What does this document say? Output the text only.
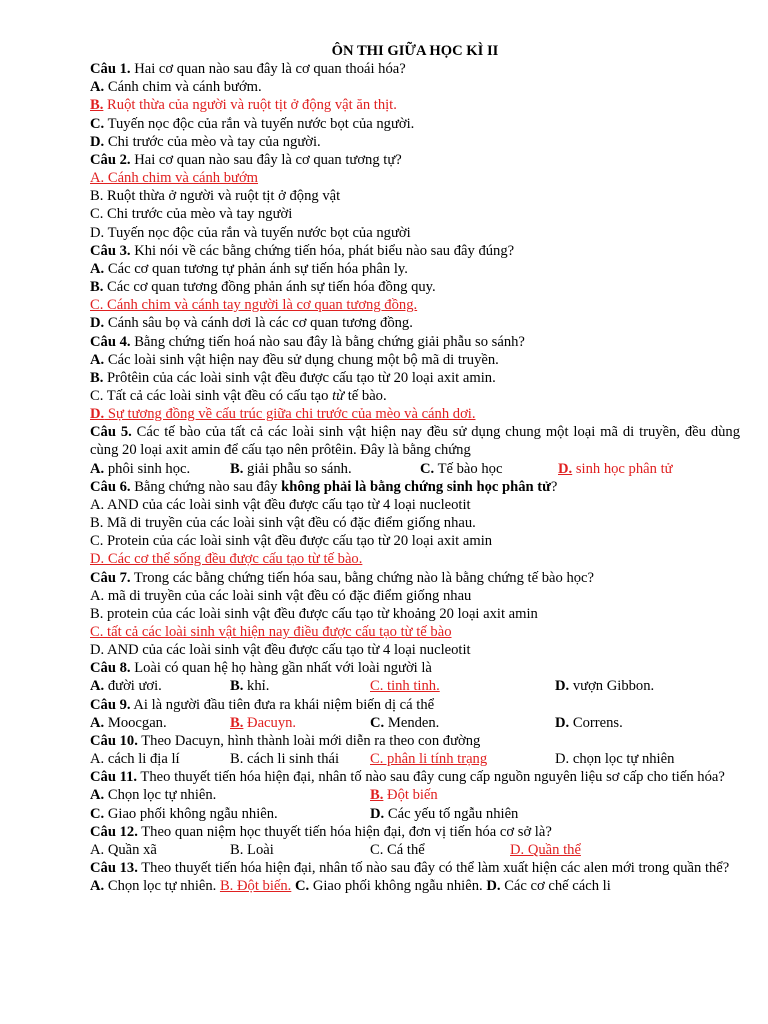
ÔN THI GIỮA HỌC KÌ II
Câu 1. Hai cơ quan nào sau đây là cơ quan thoái hóa?
A. Cánh chim và cánh bướm.
B. Ruột thừa của người và ruột tịt ở động vật ăn thịt.
C. Tuyến nọc độc của rắn và tuyến nước bọt của người.
D. Chi trước của mèo và tay của người.
Câu 2. Hai cơ quan nào sau đây là cơ quan tương tự?
A. Cánh chim và cánh bướm
B. Ruột thừa ở người và ruột tịt ở động vật
C. Chi trước của mèo và tay người
D. Tuyến nọc độc của rắn và tuyến nước bọt của người
Câu 3. Khi nói về các bằng chứng tiến hóa, phát biểu nào sau đây đúng?
A. Các cơ quan tương tự phản ánh sự tiến hóa phân ly.
B. Các cơ quan tương đồng phản ánh sự tiến hóa đồng quy.
C. Cánh chim và cánh tay người là cơ quan tương đồng.
D. Cánh sâu bọ và cánh dơi là các cơ quan tương đồng.
Câu 4. Bằng chứng tiến hoá nào sau đây là bằng chứng giải phẫu so sánh?
A. Các loài sinh vật hiện nay đều sử dụng chung một bộ mã di truyền.
B. Prôtêin của các loài sinh vật đều được cấu tạo từ 20 loại axit amin.
C. Tất cả các loài sinh vật đều có cấu tạo từ tế bào.
D. Sự tương đồng về cấu trúc giữa chi trước của mèo và cánh dơi.
Câu 5. Các tế bào của tất cả các loài sinh vật hiện nay đều sử dụng chung một loại mã di truyền, đều dùng cùng 20 loại axit amin để cấu tạo nên prôtêin. Đây là bằng chứng
A. phôi sinh học.	B. giải phẫu so sánh.	C. Tế bào học	D. sinh học phân tử
Câu 6. Bằng chứng nào sau đây không phải là bằng chứng sinh học phân tử?
A. AND của các loài sinh vật đều được cấu tạo từ 4 loại nucleotit
B. Mã di truyền của các loài sinh vật đều có đặc điểm giống nhau.
C. Protein của các loài sinh vật đều được cấu tạo từ 20 loại axit amin
D. Các cơ thể sống đều được cấu tạo từ tế bào.
Câu 7. Trong các bằng chứng tiến hóa sau, bằng chứng nào là bằng chứng tế bào học?
A. mã di truyền của các loài sinh vật đều có đặc điểm giống nhau
B. protein của các loài sinh vật đều được cấu tạo từ khoảng 20 loại axit amin
C. tất cả các loài sinh vật hiện nay điều được cấu tạo từ tế bào
D. AND của các loài sinh vật đều được cấu tạo từ 4 loại nucleotit
Câu 8. Loài có quan hệ họ hàng gần nhất với loài người là
A. đười ươi.	B. khỉ.	C. tinh tinh.	D. vượn Gibbon.
Câu 9. Ai là người đầu tiên đưa ra khái niệm biến dị cá thể
A. Moocgan.	B. Đacuyn.	C. Menden.	D. Correns.
Câu 10. Theo Dacuyn, hình thành loài mới diễn ra theo con đường
A. cách li địa lí	B. cách li sinh thái	C. phân li tính trạng	D. chọn lọc tự nhiên
Câu 11. Theo thuyết tiến hóa hiện đại, nhân tố nào sau đây cung cấp nguồn nguyên liệu sơ cấp cho tiến hóa?
A. Chọn lọc tự nhiên.	B. Đột biến
C. Giao phối không ngẫu nhiên.	D. Các yếu tố ngẫu nhiên
Câu 12. Theo quan niệm học thuyết tiến hóa hiện đại, đơn vị tiến hóa cơ sở là?
A. Quần xã	B. Loài	C. Cá thể	D. Quần thể
Câu 13. Theo thuyết tiến hóa hiện đại, nhân tố nào sau đây có thể làm xuất hiện các alen mới trong quần thể?
A. Chọn lọc tự nhiên. B. Đột biến. C. Giao phối không ngẫu nhiên. D. Các cơ chế cách li
